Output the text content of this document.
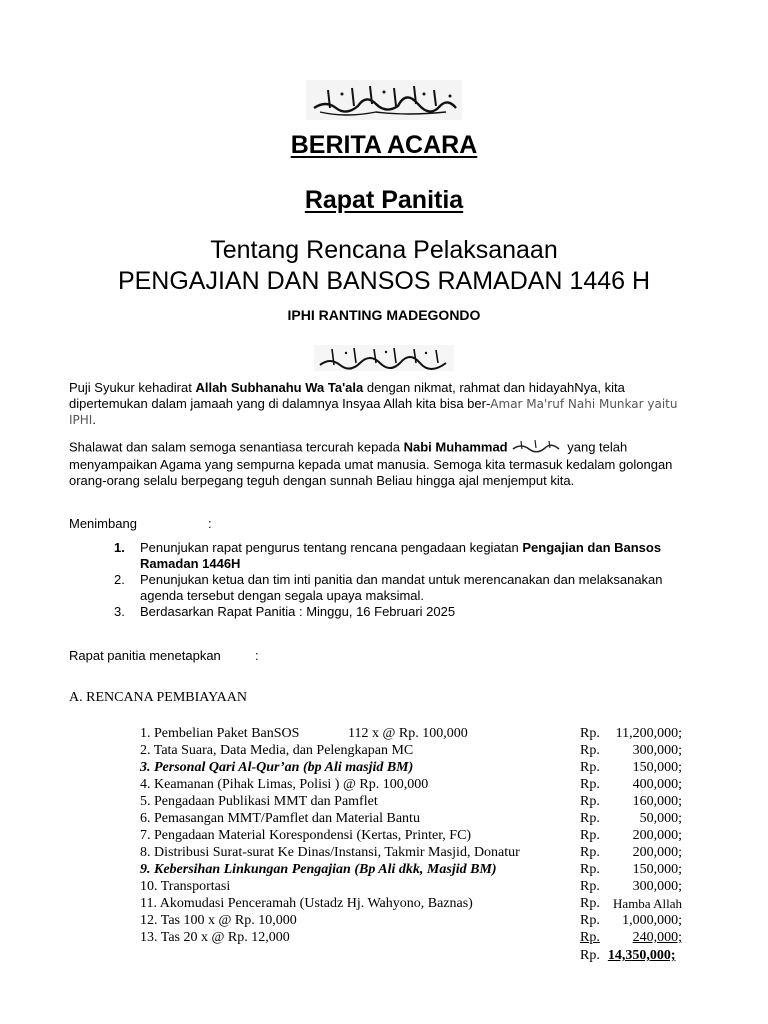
BERITA ACARA
Rapat Panitia
Tentang Rencana Pelaksanaan
PENGAJIAN DAN BANSOS RAMADAN 1446 H
IPHI RANTING MADEGONDO
Puji Syukur kehadirat Allah Subhanahu Wa Ta'ala dengan nikmat, rahmat dan hidayahNya, kita dipertemukan dalam jamaah yang di dalamnya Insyaa Allah kita bisa ber-Amar Ma'ruf Nahi Munkar yaitu IPHI.
Shalawat dan salam semoga senantiasa tercurah kepada Nabi Muhammad	yang telah menyampaikan Agama yang sempurna kepada umat manusia. Semoga kita termasuk kedalam golongan orang-orang selalu berpegang teguh dengan sunnah Beliau hingga ajal menjemput kita.
Menimbang	:
1. Penunjukan rapat pengurus tentang rencana pengadaan kegiatan Pengajian dan Bansos Ramadan 1446H
2. Penunjukan ketua dan tim inti panitia dan mandat untuk merencanakan dan melaksanakan agenda tersebut dengan segala upaya maksimal.
3. Berdasarkan Rapat Panitia : Minggu, 16 Februari 2025
Rapat panitia menetapkan	:
A. RENCANA PEMBIAYAAN
1. Pembelian Paket BanSOS	112 x @ Rp. 100,000	Rp. 11,200,000;
2. Tata Suara, Data Media, dan Pelengkapan MC	Rp. 300,000;
3. Personal Qari Al-Qur’an (bp Ali masjid BM)	Rp. 150,000;
4. Keamanan (Pihak Limas, Polisi ) @ Rp. 100,000	Rp. 400,000;
5. Pengadaan Publikasi MMT dan Pamflet	Rp. 160,000;
6. Pemasangan MMT/Pamflet dan Material Bantu	Rp.	50,000;
7. Pengadaan Material Korespondensi (Kertas, Printer, FC)	Rp. 200,000;
8. Distribusi Surat-surat Ke Dinas/Instansi, Takmir Masjid, Donatur	Rp. 200,000;
9. Kebersihan Linkungan Pengajian (Bp Ali dkk, Masjid BM)	Rp. 150,000;
10. Transportasi	Rp. 300,000;
11. Akomudasi Penceramah (Ustadz Hj. Wahyono, Baznas)	Rp. Hamba Allah
12. Tas 100 x @ Rp. 10,000	Rp. 1,000,000;
13. Tas 20 x @ Rp. 12,000	Rp. 240,000;
Rp. 14,350,000;
